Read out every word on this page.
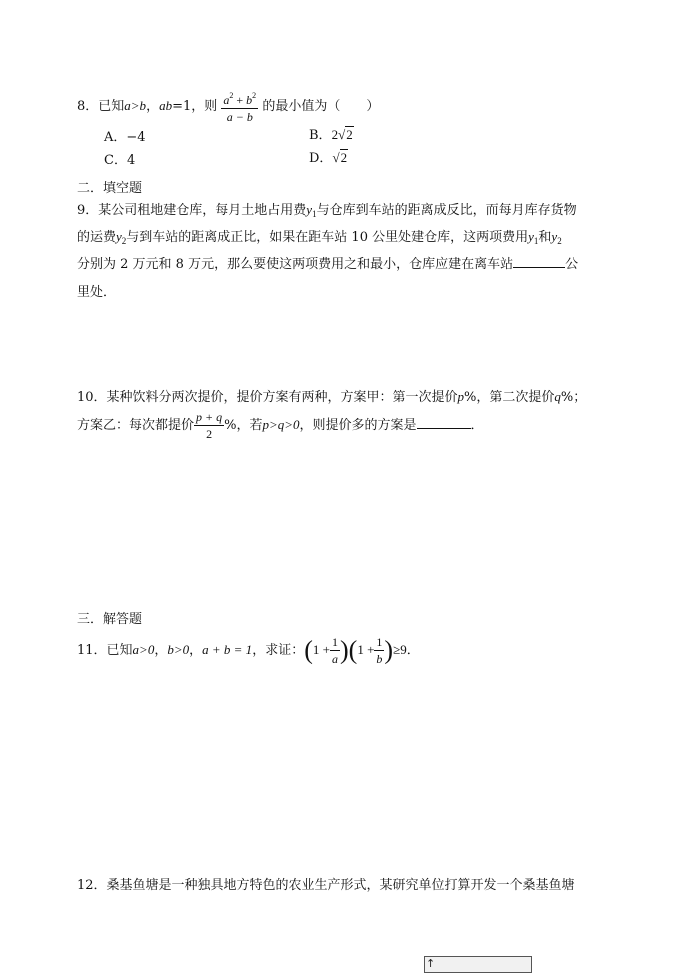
8．已知a>b，ab=1，则 $\frac{a^2 + b^2}{a - b}$ 的最小值为（　　）
A．−4	B．2√2
C．4	D．√2
二．填空题
9．某公司租地建仓库，每月土地占用费$y_1$与仓库到车站的距离成反比，而每月库存货物
的运费$y_2$与到车站的距离成正比，如果在距车站 10 公里处建仓库，这两项费用$y_1$和$y_2$
分别为 2 万元和 8 万元，那么要使这两项费用之和最小，仓库应建在离车站	公
里处．
10．某种饮料分两次提价，提价方案有两种，方案甲：第一次提价p%，第二次提价q%；
方案乙：每次都提价 $\frac{p + q}{2}$ %，若p>q>0，则提价多的方案是	．
三．解答题
11．已知a>0，b>0，a + b = 1，求证：$(1 + \frac{1}{a} )(1 + \frac{1}{b} )\ge 9$．
12．桑基鱼塘是一种独具地方特色的农业生产形式，某研究单位打算开发一个桑基鱼塘
↑
